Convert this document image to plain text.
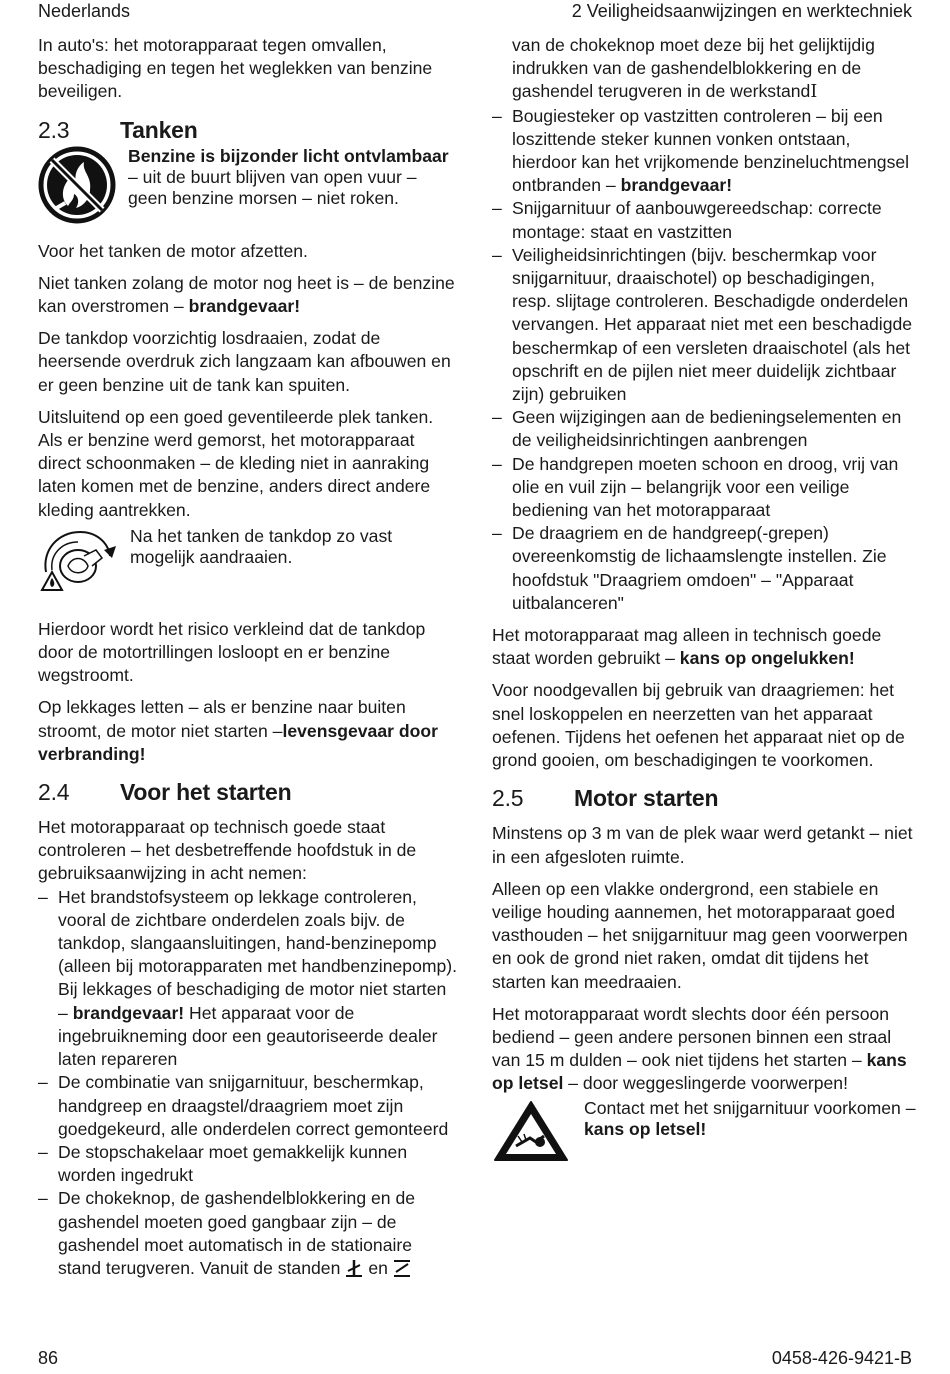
Nederlands	2 Veiligheidsaanwijzingen en werktechniek

In auto's: het motorapparaat tegen omvallen, beschadiging en tegen het weglekken van benzine beveiligen.

2.3 Tanken
Benzine is bijzonder licht ontvlambaar – uit de buurt blijven van open vuur – geen benzine morsen – niet roken.

Voor het tanken de motor afzetten.

Niet tanken zolang de motor nog heet is – de benzine kan overstromen – brandgevaar!

De tankdop voorzichtig losdraaien, zodat de heersende overdruk zich langzaam kan afbouwen en er geen benzine uit de tank kan spuiten.

Uitsluitend op een goed geventileerde plek tanken. Als er benzine werd gemorst, het motorapparaat direct schoonmaken – de kleding niet in aanraking laten komen met de benzine, anders direct andere kleding aantrekken.

Na het tanken de tankdop zo vast mogelijk aandraaien.

Hierdoor wordt het risico verkleind dat de tankdop door de motortrillingen losloopt en er benzine wegstroomt.

Op lekkages letten – als er benzine naar buiten stroomt, de motor niet starten –levensgevaar door verbranding!

2.4 Voor het starten

Het motorapparaat op technisch goede staat controleren – het desbetreffende hoofdstuk in de gebruiksaanwijzing in acht nemen:

– Het brandstofsysteem op lekkage controleren, vooral de zichtbare onderdelen zoals bijv. de tankdop, slangaansluitingen, hand-benzinepomp (alleen bij motorapparaten met handbenzinepomp). Bij lekkages of beschadiging de motor niet starten – brandgevaar! Het apparaat voor de ingebruikneming door een geautoriseerde dealer laten repareren
– De combinatie van snijgarnituur, beschermkap, handgreep en draagstel/draagriem moet zijn goedgekeurd, alle onderdelen correct gemonteerd
– De stopschakelaar moet gemakkelijk kunnen worden ingedrukt
– De chokeknop, de gashendelblokkering en de gashendel moeten goed gangbaar zijn – de gashendel moet automatisch in de stationaire stand terugveren. Vanuit de standen en

van de chokeknop moet deze bij het gelijktijdig indrukken van de gashendelblokkering en de gashendel terugveren in de werkstandI

– Bougiesteker op vastzitten controleren – bij een loszittende steker kunnen vonken ontstaan, hierdoor kan het vrijkomende benzineluchtmengsel ontbranden – brandgevaar!
– Snijgarnituur of aanbouwgereedschap: correcte montage: staat en vastzitten
– Veiligheidsinrichtingen (bijv. beschermkap voor snijgarnituur, draaischotel) op beschadigingen, resp. slijtage controleren. Beschadigde onderdelen vervangen. Het apparaat niet met een beschadigde beschermkap of een versleten draaischotel (als het opschrift en de pijlen niet meer duidelijk zichtbaar zijn) gebruiken
– Geen wijzigingen aan de bedieningselementen en de veiligheidsinrichtingen aanbrengen
– De handgrepen moeten schoon en droog, vrij van olie en vuil zijn – belangrijk voor een veilige bediening van het motorapparaat
– De draagriem en de handgreep(-grepen) overeenkomstig de lichaamslengte instellen. Zie hoofdstuk "Draagriem omdoen" – "Apparaat uitbalanceren"

Het motorapparaat mag alleen in technisch goede staat worden gebruikt – kans op ongelukken!

Voor noodgevallen bij gebruik van draagriemen: het snel loskoppelen en neerzetten van het apparaat oefenen. Tijdens het oefenen het apparaat niet op de grond gooien, om beschadigingen te voorkomen.

2.5 Motor starten

Minstens op 3 m van de plek waar werd getankt – niet in een afgesloten ruimte.

Alleen op een vlakke ondergrond, een stabiele en veilige houding aannemen, het motorapparaat goed vasthouden – het snijgarnituur mag geen voorwerpen en ook de grond niet raken, omdat dit tijdens het starten kan meedraaien.

Het motorapparaat wordt slechts door één persoon bediend – geen andere personen binnen een straal van 15 m dulden – ook niet tijdens het starten – kans op letsel – door weggeslingerde voorwerpen!

Contact met het snijgarnituur voorkomen – kans op letsel!
86	0458-426-9421-B
